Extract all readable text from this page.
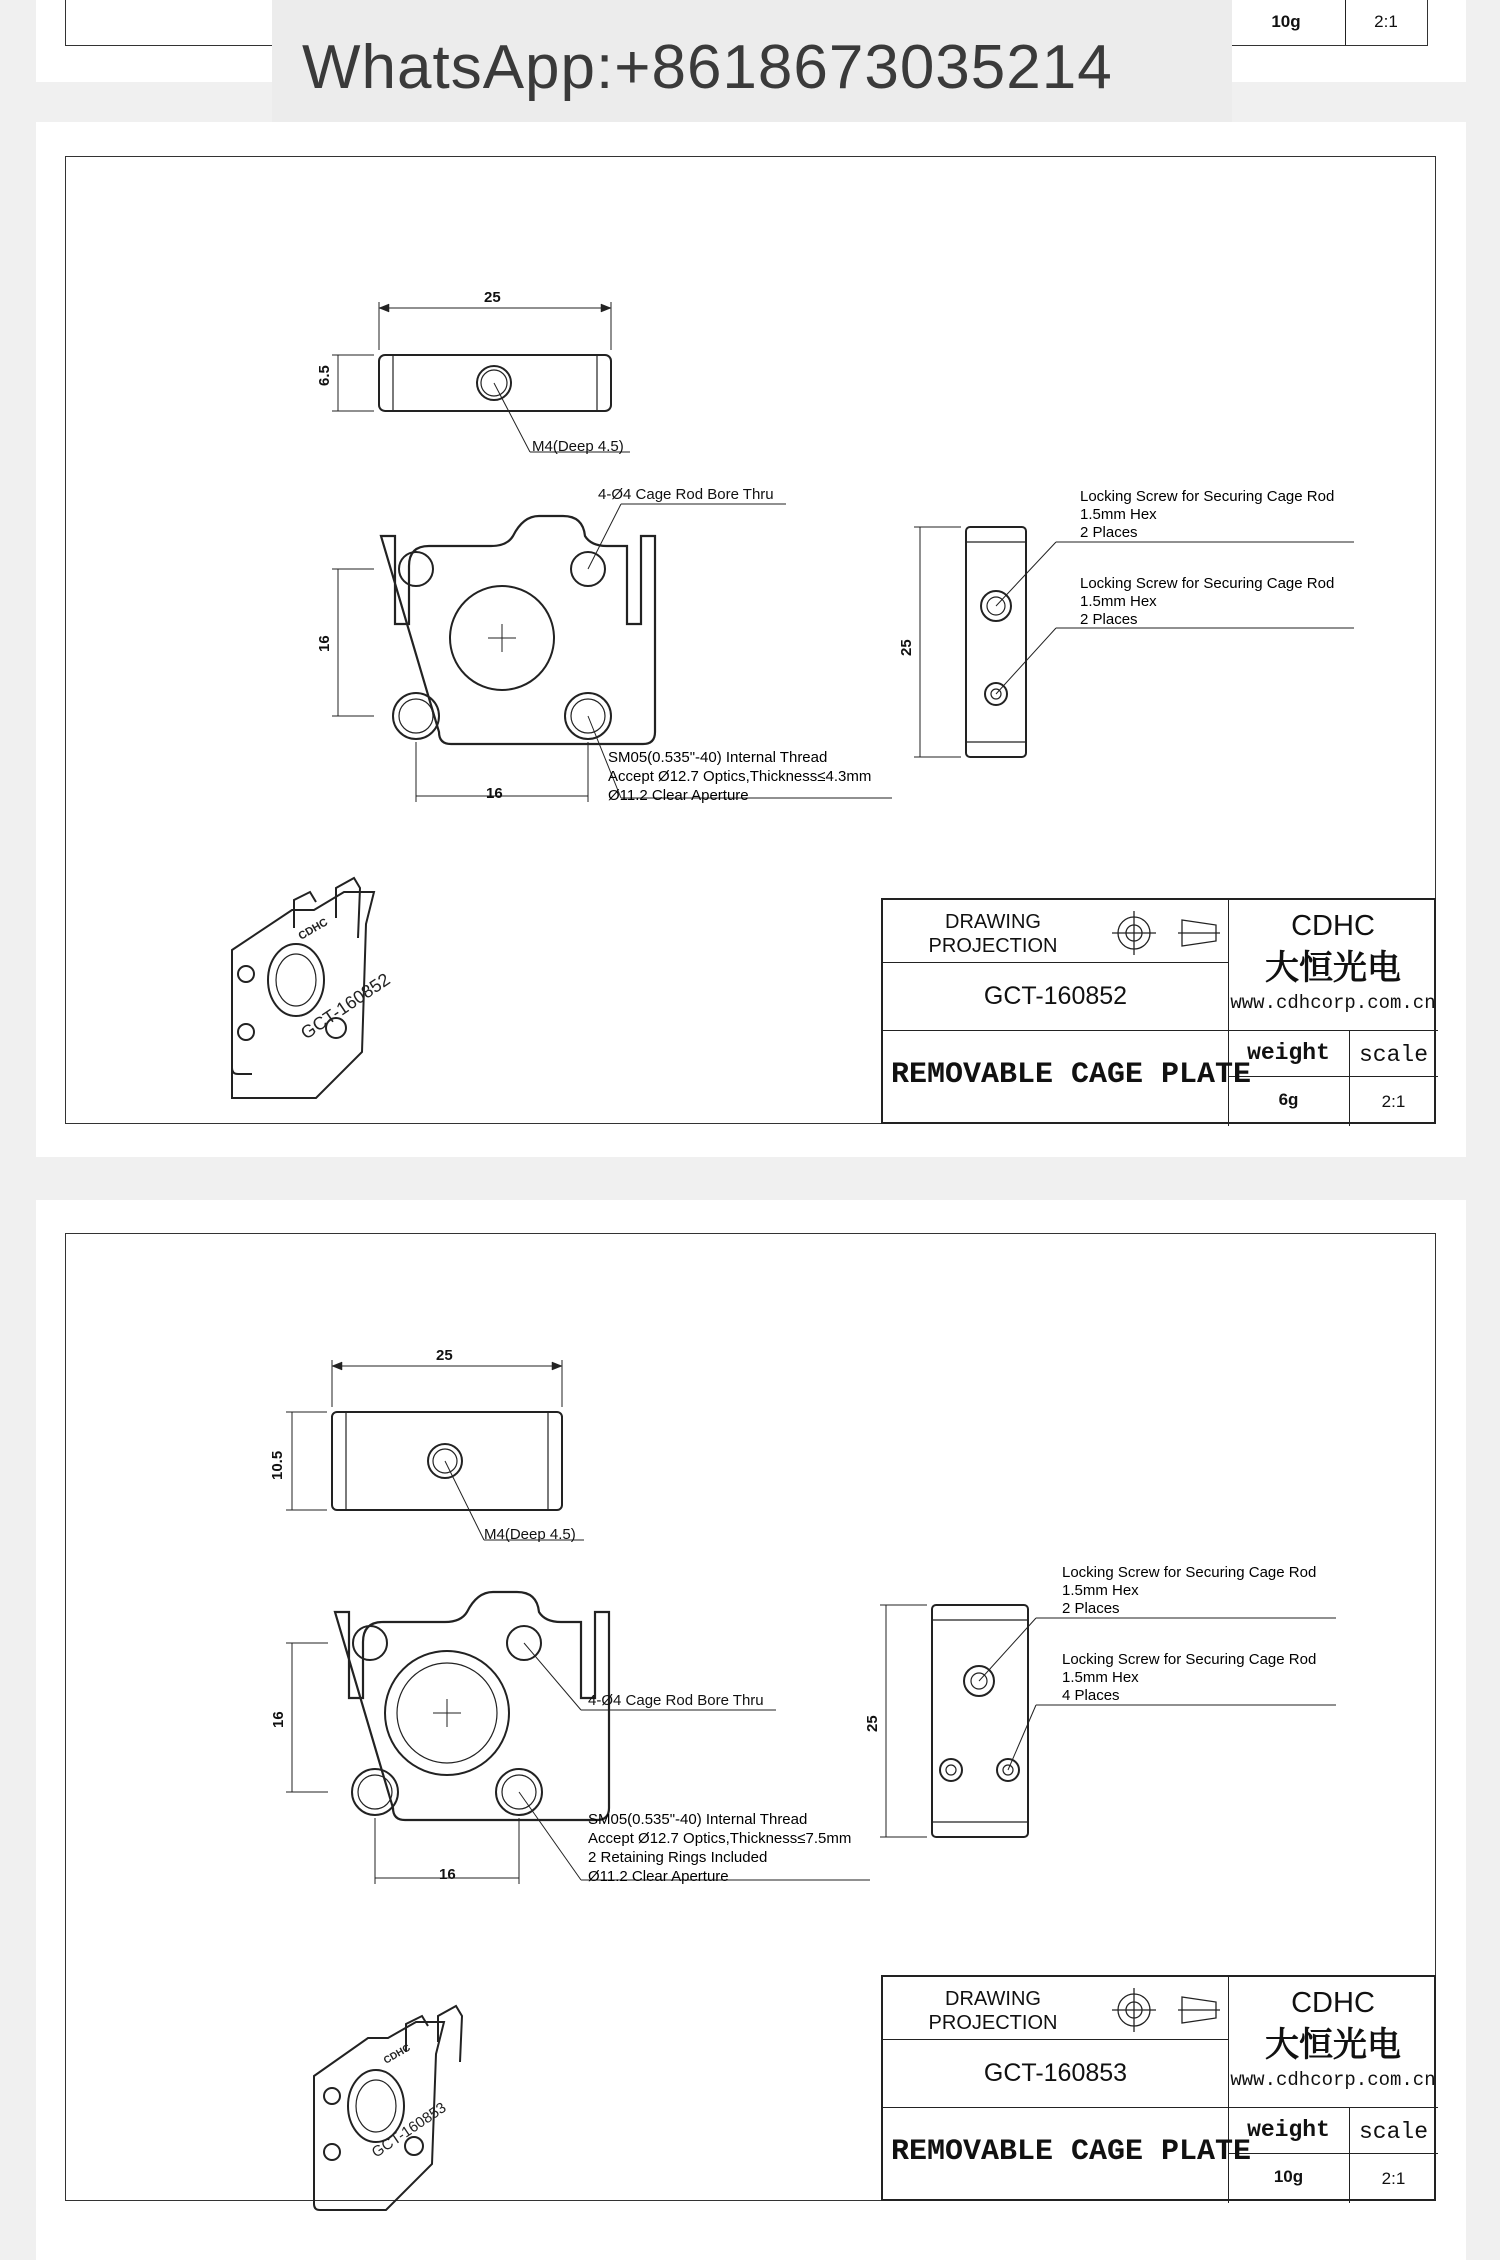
10g	2:1
WhatsApp:+8618673035214
GCT-160852
CDHC
25
6.5
M4(Deep 4.5)
4-Ø4 Cage Rod Bore Thru
16
16
SM05(0.535"-40) Internal Thread
Accept Ø12.7 Optics,Thickness≤4.3mm
Ø11.2 Clear Aperture
25
Locking Screw for Securing Cage Rod
1.5mm Hex
2 Places
Locking Screw for Securing Cage Rod
1.5mm Hex
2 Places
DRAWING
PROJECTION
GCT-160852
REMOVABLE CAGE PLATE
CDHC
大恒光电
www.cdhcorp.com.cn
weight	scale
6g	2:1
GCT-160853
CDHC
25
10.5
M4(Deep 4.5)
4-Ø4 Cage Rod Bore Thru
16
16
SM05(0.535"-40) Internal Thread
Accept Ø12.7 Optics,Thickness≤7.5mm
2 Retaining Rings Included
Ø11.2 Clear Aperture
25
Locking Screw for Securing Cage Rod
1.5mm Hex
2 Places
Locking Screw for Securing Cage Rod
1.5mm Hex
4 Places
DRAWING
PROJECTION
GCT-160853
REMOVABLE CAGE PLATE
CDHC
大恒光电
www.cdhcorp.com.cn
weight	scale
10g	2:1
